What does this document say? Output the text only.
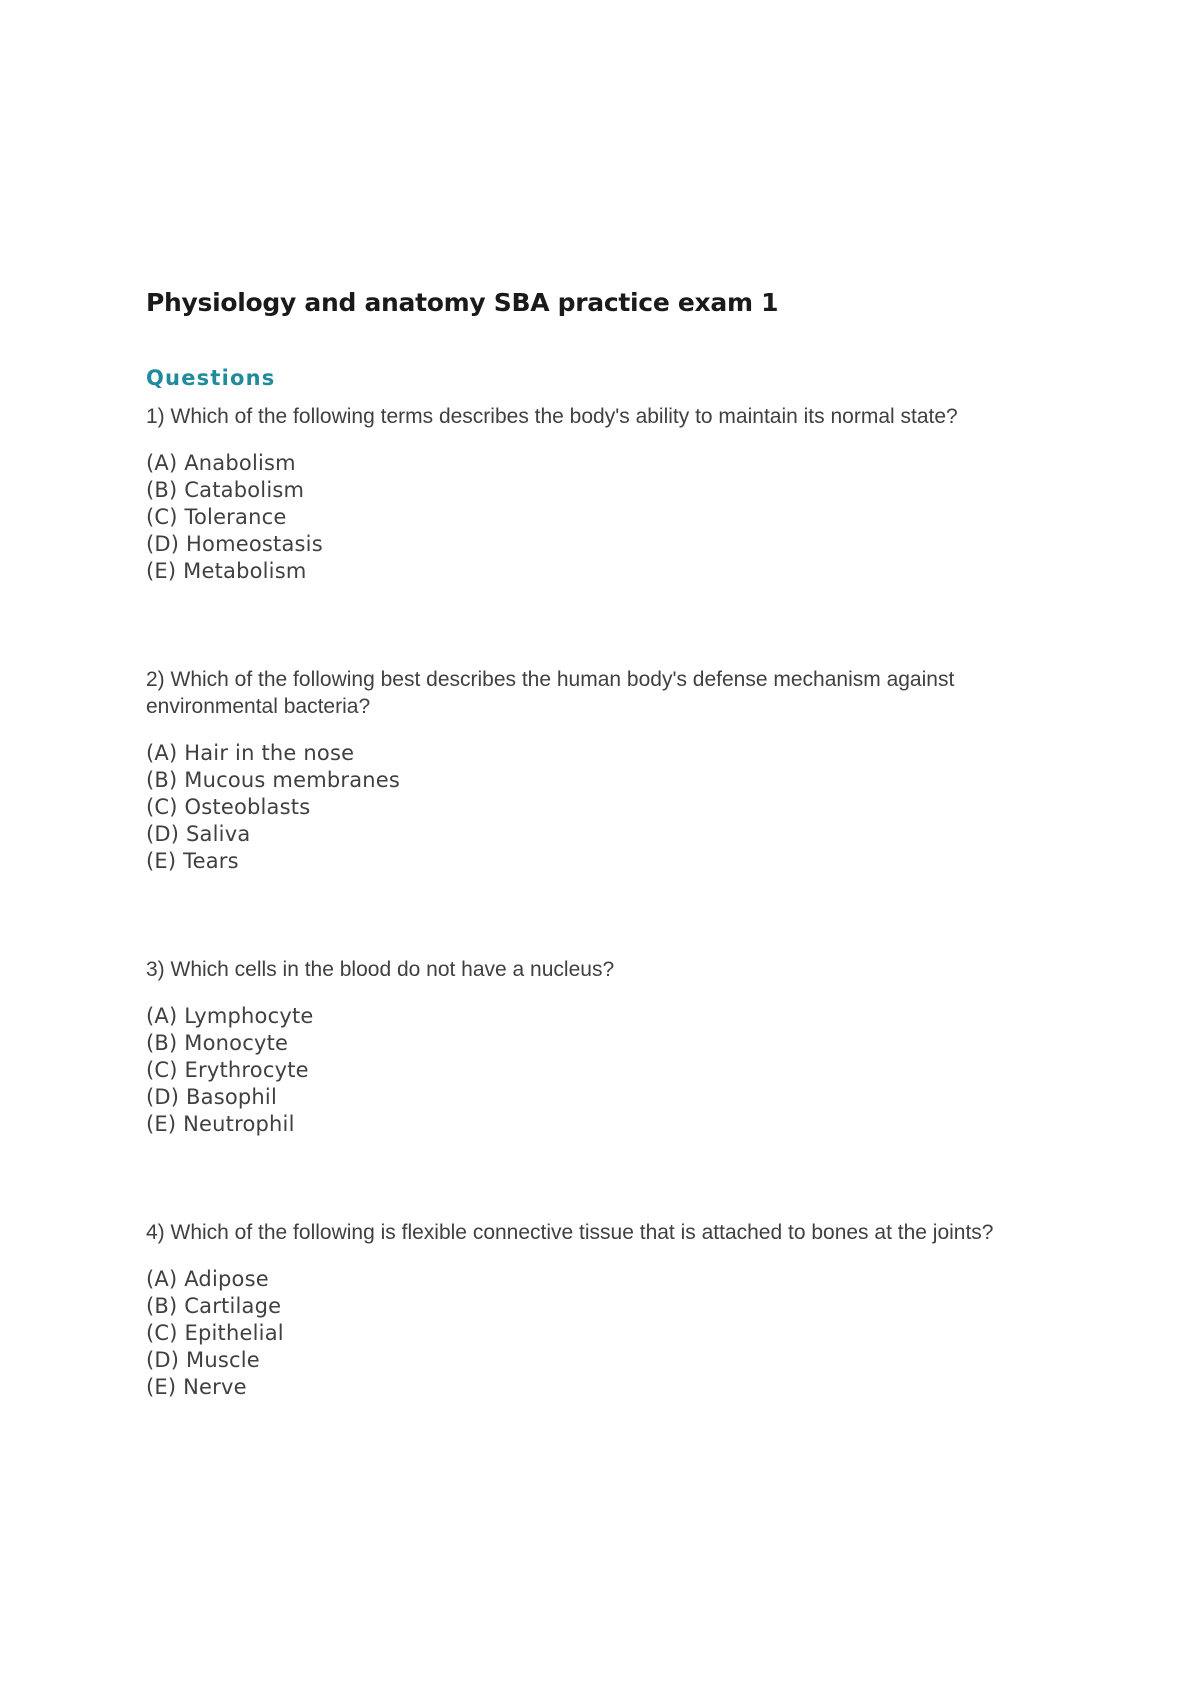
Physiology and anatomy SBA practice exam 1
Questions

1) Which of the following terms describes the body's ability to maintain its normal state?

(A) Anabolism
(B) Catabolism
(C) Tolerance
(D) Homeostasis
(E) Metabolism

2) Which of the following best describes the human body's defense mechanism against environmental bacteria?

(A) Hair in the nose
(B) Mucous membranes
(C) Osteoblasts
(D) Saliva
(E) Tears

3) Which cells in the blood do not have a nucleus?

(A) Lymphocyte
(B) Monocyte
(C) Erythrocyte
(D) Basophil
(E) Neutrophil

4) Which of the following is flexible connective tissue that is attached to bones at the joints?

(A) Adipose
(B) Cartilage
(C) Epithelial
(D) Muscle
(E) Nerve
